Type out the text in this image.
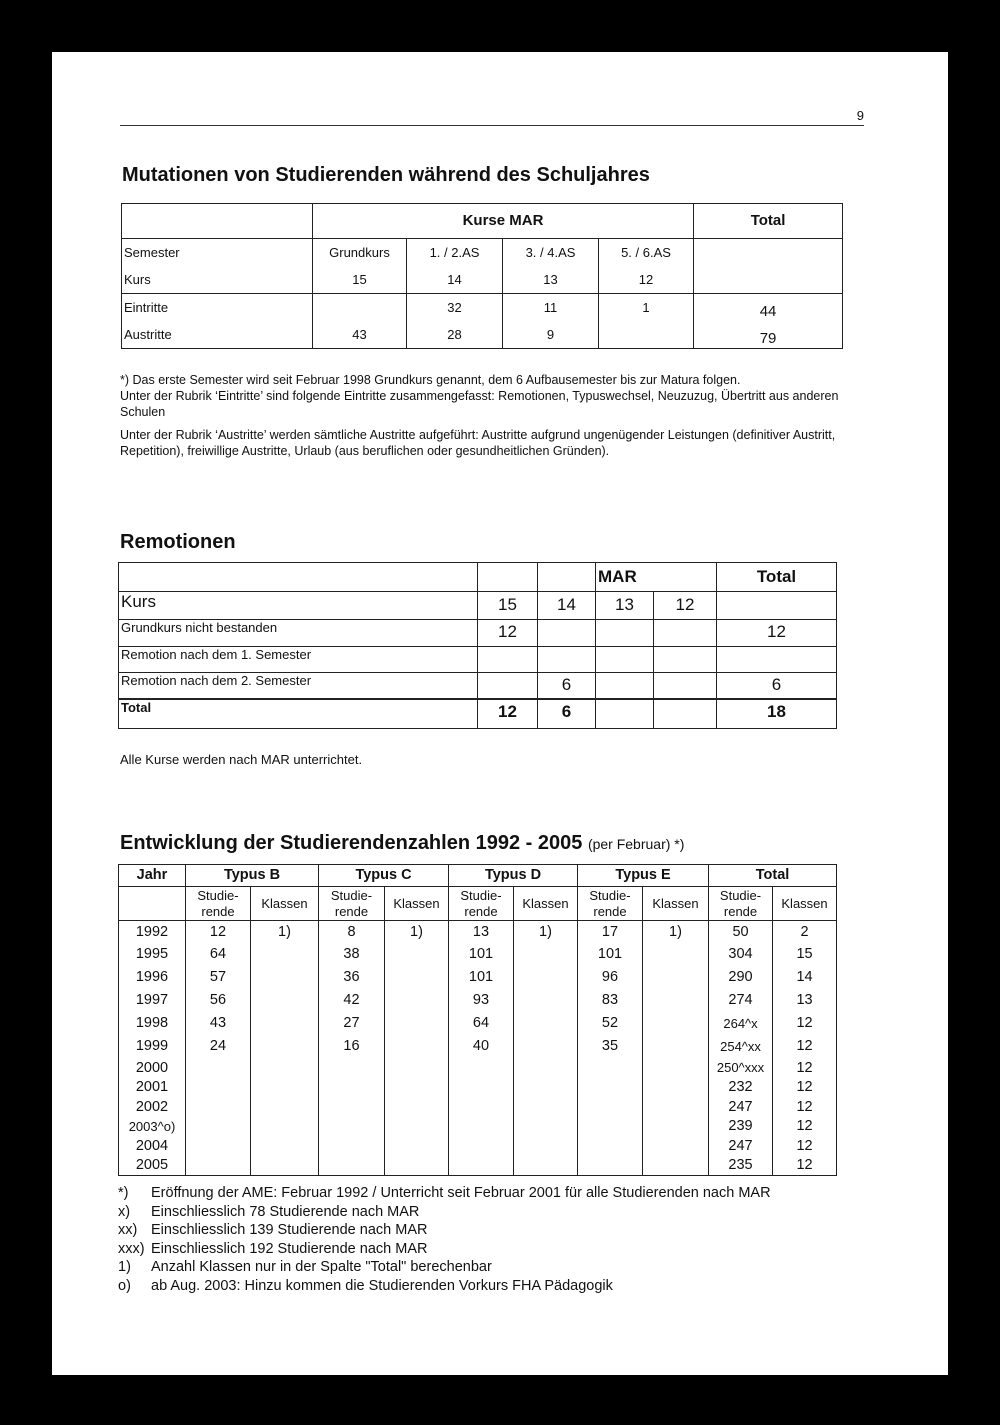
9
Mutationen von Studierenden während des Schuljahres
	Kurse MAR				Total
Semester	Grundkurs	1. / 2.AS	3. / 4.AS	5. / 6.AS	
Kurs	15	14	13	12	
Eintritte		32	11	1	44
Austritte	43	28	9		79
*) Das erste Semester wird seit Februar 1998 Grundkurs genannt, dem 6 Aufbausemester bis zur Matura folgen.
Unter der Rubrik ‘Eintritte’ sind folgende Eintritte zusammengefasst: Remotionen, Typuswechsel, Neuzuzug, Übertritt aus anderen Schulen
Unter der Rubrik ‘Austritte’ werden sämtliche Austritte aufgeführt: Austritte aufgrund ungenügender Leistungen (definitiver Austritt, Repetition), freiwillige Austritte, Urlaub (aus beruflichen oder gesundheitlichen Gründen).
Remotionen
			MAR		Total
Kurs	15	14	13	12	
Grundkurs nicht bestanden	12				12
Remotion nach dem 1. Semester					
Remotion nach dem 2. Semester		6			6
Total	12	6			18
Alle Kurse werden nach MAR unterrichtet.
Entwicklung der Studierendenzahlen 1992 - 2005 (per Februar) *)
Jahr	Typus B		Typus C		Typus D		Typus E		Total	
	Studie-rende	Klassen	Studie-rende	Klassen	Studie-rende	Klassen	Studie-rende	Klassen	Studie-rende	Klassen
1992	12	1)	8	1)	13	1)	17	1)	50	2
1995	64		38		101		101		304	15
1996	57		36		101		96		290	14
1997	56		42		93		83		274	13
1998	43		27		64		52		264^x	12
1999	24		16		40		35		254^xx	12
2000									250^xxx	12
2001									232	12
2002									247	12
2003^o)									239	12
2004									247	12
2005									235	12
*) Eröffnung der AME: Februar 1992 / Unterricht seit Februar 2001 für alle Studierenden nach MAR
x) Einschliesslich 78 Studierende nach MAR
xx) Einschliesslich 139 Studierende nach MAR
xxx) Einschliesslich 192 Studierende nach MAR
1) Anzahl Klassen nur in der Spalte "Total" berechenbar
o) ab Aug. 2003: Hinzu kommen die Studierenden Vorkurs FHA Pädagogik
